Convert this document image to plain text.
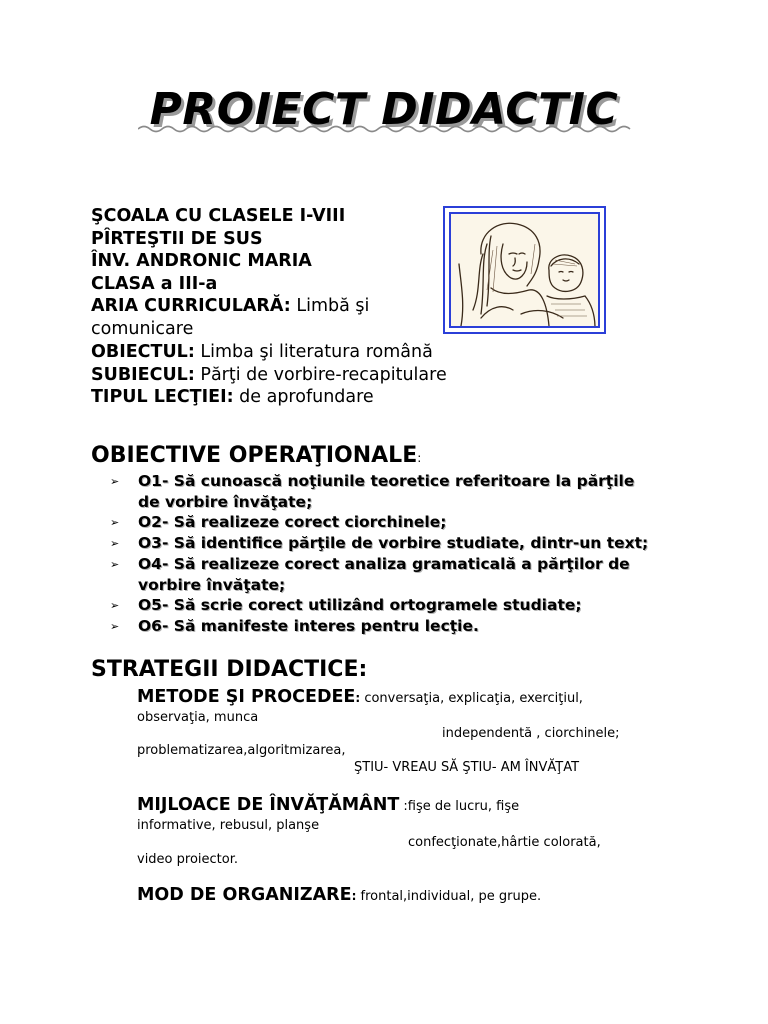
PROIECT DIDACTIC
ŞCOALA CU CLASELE I-VIII
PÎRTEŞTII DE SUS
ÎNV. ANDRONIC MARIA
CLASA a III-a
ARIA CURRICULARĂ: Limbă şi
comunicare
OBIECTUL: Limba şi literatura română
SUBIECUL: Părţi de vorbire-recapitulare
TIPUL LECŢIEI: de aprofundare
OBIECTIVE OPERAŢIONALE:
➢ O1- Să cunoască noţiunile teoretice referitoare la părţile
de vorbire învăţate;
➢ O2- Să realizeze corect ciorchinele;
➢ O3- Să identifice părţile de vorbire studiate, dintr-un text;
➢ O4- Să realizeze corect analiza gramaticală a părţilor de
vorbire învăţate;
➢ O5- Să scrie corect utilizând ortogramele studiate;
➢ O6- Să manifeste interes pentru lecţie.
STRATEGII DIDACTICE:
METODE ŞI PROCEDEE: conversaţia, explicaţia, exerciţiul,
observaţia, munca
independentă , ciorchinele;
problematizarea,algoritmizarea,
ŞTIU- VREAU SĂ ŞTIU- AM ÎNVĂŢAT
MIJLOACE DE ÎNVĂŢĂMÂNT :fişe de lucru, fişe
informative, rebusul, planşe
confecţionate,hârtie colorată,
video proiector.
MOD DE ORGANIZARE: frontal,individual, pe grupe.
